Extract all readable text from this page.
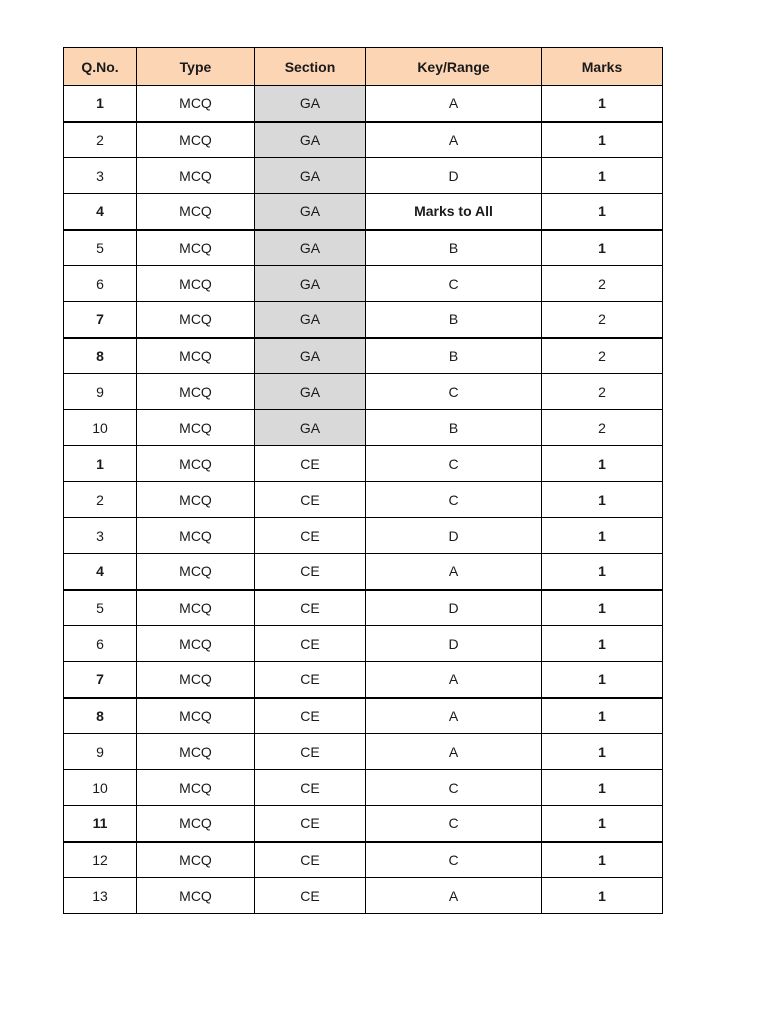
Q.No.	Type	Section	Key/Range	Marks
1	MCQ	GA	A	1
2	MCQ	GA	A	1
3	MCQ	GA	D	1
4	MCQ	GA	Marks to All	1
5	MCQ	GA	B	1
6	MCQ	GA	C	2
7	MCQ	GA	B	2
8	MCQ	GA	B	2
9	MCQ	GA	C	2
10	MCQ	GA	B	2
1	MCQ	CE	C	1
2	MCQ	CE	C	1
3	MCQ	CE	D	1
4	MCQ	CE	A	1
5	MCQ	CE	D	1
6	MCQ	CE	D	1
7	MCQ	CE	A	1
8	MCQ	CE	A	1
9	MCQ	CE	A	1
10	MCQ	CE	C	1
11	MCQ	CE	C	1
12	MCQ	CE	C	1
13	MCQ	CE	A	1
